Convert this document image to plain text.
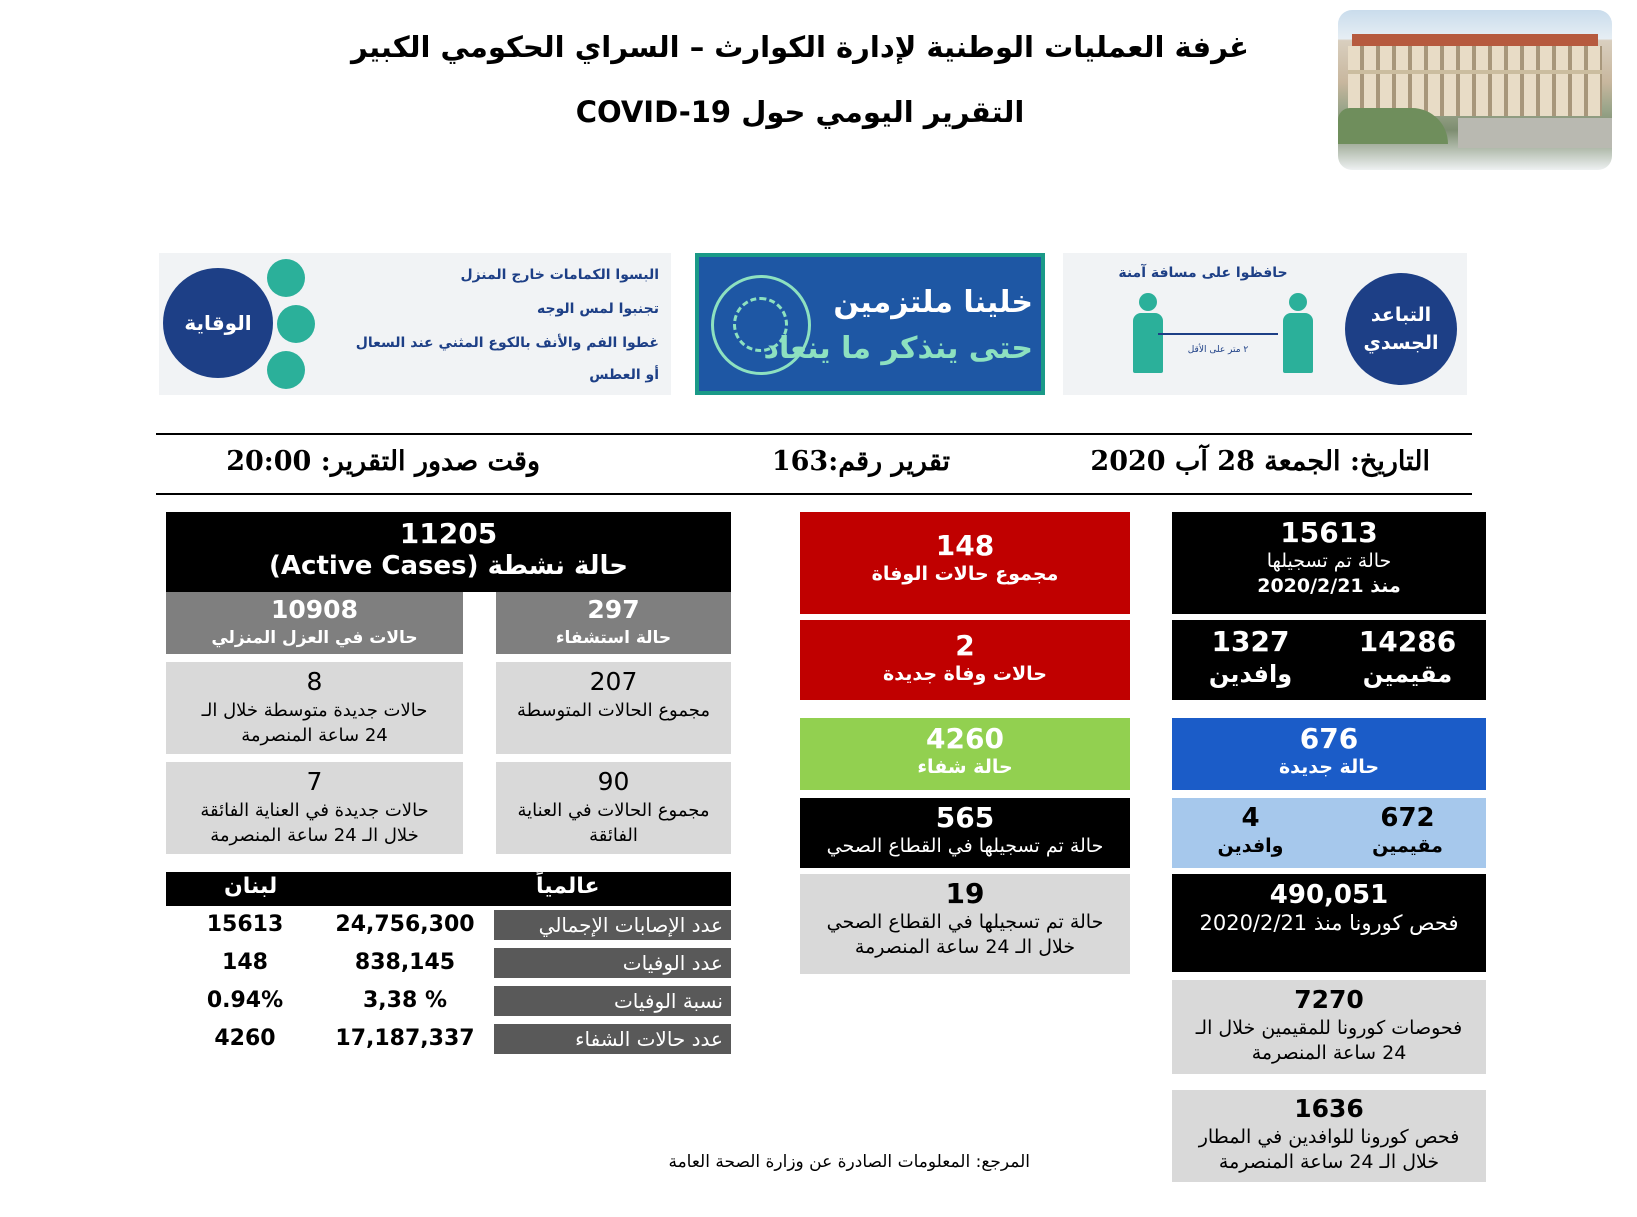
غرفة العمليات الوطنية لإدارة الكوارث – السراي الحكومي الكبير
التقرير اليومي حول COVID-19
الوقاية
البسوا الكمامات خارج المنزل
تجنبوا لمس الوجه
غطوا الفم والأنف بالكوع المثني عند السعال
أو العطس
خلينا ملتزمين
حتى ينذكر ما ينعاد
حافظوا على مسافة آمنة
٢ متر على الأقل
التباعد
الجسدي
التاريخ: الجمعة 28 آب 2020
تقرير رقم:163
وقت صدور التقرير: 20:00
15613
حالة تم تسجيلها
منذ 2020/2/21
14286
مقيمين
1327
وافدين
676
حالة جديدة
672
مقيمين
4
وافدين
490,051
فحص كورونا منذ 2020/2/21
7270
فحوصات كورونا للمقيمين خلال الـ
24 ساعة المنصرمة
1636
فحص كورونا للوافدين في المطار
خلال الـ 24 ساعة المنصرمة
148
مجموع حالات الوفاة
2
حالات وفاة جديدة
4260
حالة شفاء
565
حالة تم تسجيلها في القطاع الصحي
19
حالة تم تسجيلها في القطاع الصحي
خلال الـ 24 ساعة المنصرمة
11205
حالة نشطة (Active Cases)
297
حالة استشفاء
10908
حالات في العزل المنزلي
207
مجموع الحالات المتوسطة
8
حالات جديدة متوسطة خلال الـ
24 ساعة المنصرمة
90
مجموع الحالات في العناية
الفائقة
7
حالات جديدة في العناية الفائقة
خلال الـ 24 ساعة المنصرمة
عالمياً
لبنان
عدد الإصابات الإجمالي
24,756,300
15613
عدد الوفيات
838,145
148
نسبة الوفيات
3,38 %
0.94%
عدد حالات الشفاء
17,187,337
4260
المرجع: المعلومات الصادرة عن وزارة الصحة العامة
